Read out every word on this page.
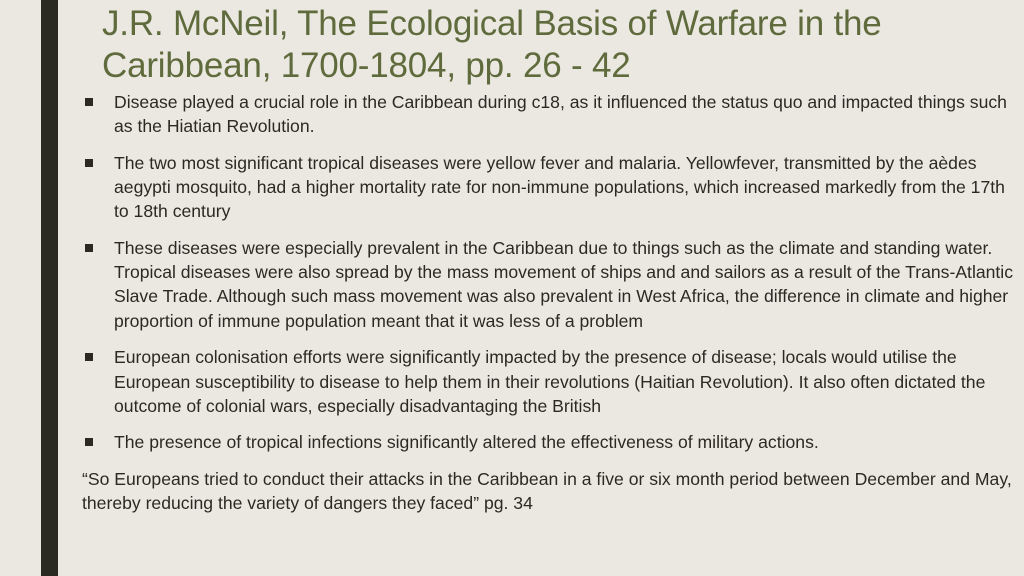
J.R. McNeil, The Ecological Basis of Warfare in the Caribbean, 1700-1804, pp. 26 - 42
Disease played a crucial role in the Caribbean during c18, as it influenced the status quo and impacted things such as the Hiatian Revolution.
The two most significant tropical diseases were yellow fever and malaria. Yellowfever, transmitted by the aèdes aegypti mosquito, had a higher mortality rate for non-immune populations, which increased markedly from the 17th to 18th century
These diseases were especially prevalent in the Caribbean due to things such as the climate and standing water. Tropical diseases were also spread by the mass movement of ships and and sailors as a result of the Trans-Atlantic Slave Trade. Although such mass movement was also prevalent in West Africa, the difference in climate and higher proportion of immune population meant that it was less of a problem
European colonisation efforts were significantly impacted by the presence of disease; locals would utilise the European susceptibility to disease to help them in their revolutions (Haitian Revolution). It also often dictated the outcome of colonial wars, especially disadvantaging the British
The presence of tropical infections significantly altered the effectiveness of military actions.

“So Europeans tried to conduct their attacks in the Caribbean in a five or six month period between December and May, thereby reducing the variety of dangers they faced” pg. 34
